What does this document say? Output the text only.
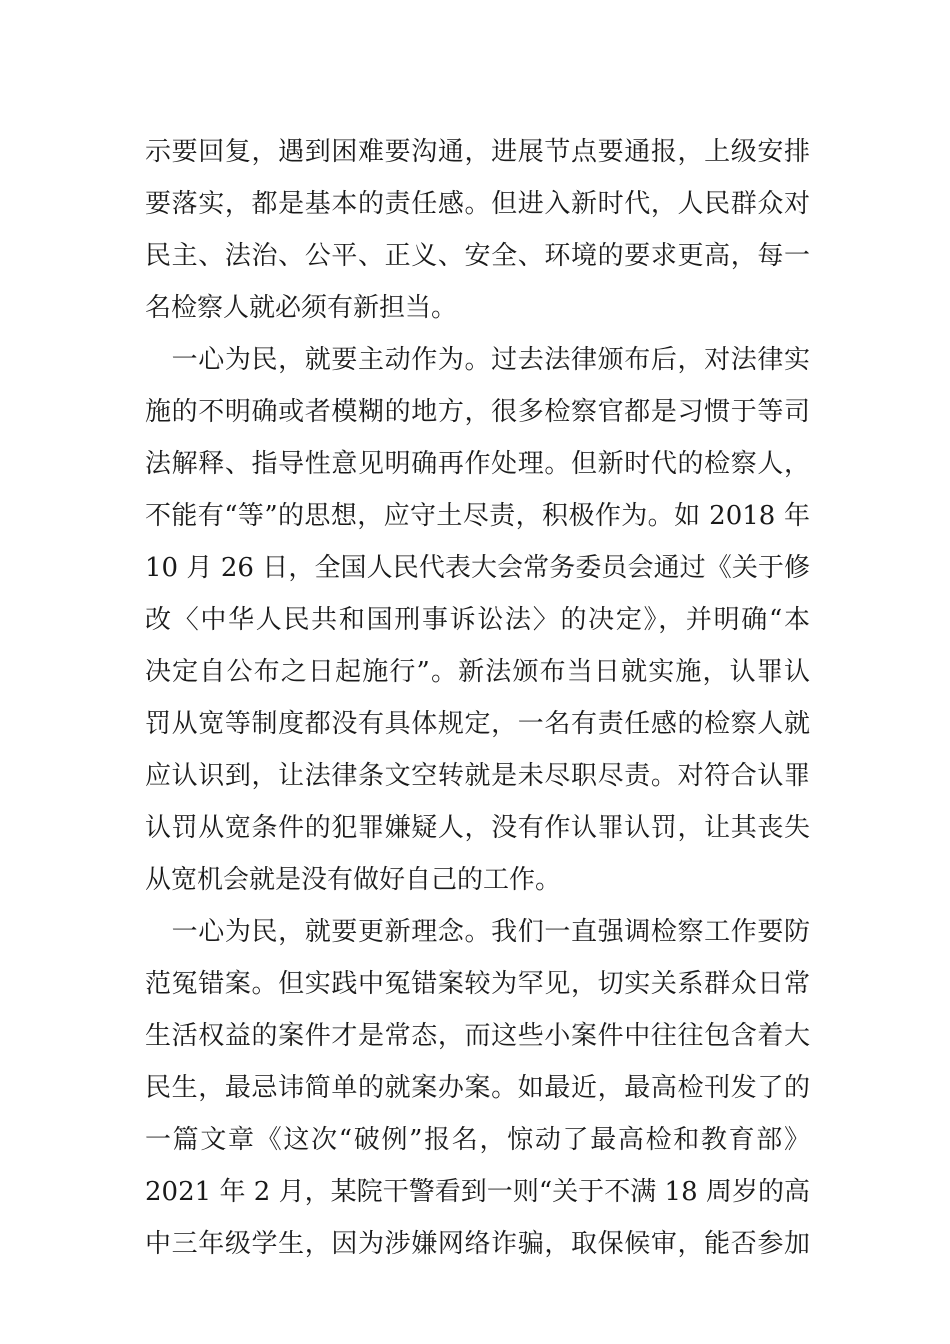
示要回复，遇到困难要沟通，进展节点要通报，上级安排
要落实，都是基本的责任感。但进入新时代，人民群众对
民主、法治、公平、正义、安全、环境的要求更高，每一
名检察人就必须有新担当。
　一心为民，就要主动作为。过去法律颁布后，对法律实
施的不明确或者模糊的地方，很多检察官都是习惯于等司
法解释、指导性意见明确再作处理。但新时代的检察人，
不能有“等”的思想，应守土尽责，积极作为。如 2018 年
10 月 26 日，全国人民代表大会常务委员会通过《关于修
改〈中华人民共和国刑事诉讼法〉的决定》，并明确“本
决定自公布之日起施行”。新法颁布当日就实施，认罪认
罚从宽等制度都没有具体规定，一名有责任感的检察人就
应认识到，让法律条文空转就是未尽职尽责。对符合认罪
认罚从宽条件的犯罪嫌疑人，没有作认罪认罚，让其丧失
从宽机会就是没有做好自己的工作。
　一心为民，就要更新理念。我们一直强调检察工作要防
范冤错案。但实践中冤错案较为罕见，切实关系群众日常
生活权益的案件才是常态，而这些小案件中往往包含着大
民生，最忌讳简单的就案办案。如最近，最高检刊发了的
一篇文章《这次“破例”报名，惊动了最高检和教育部》
2021 年 2 月，某院干警看到一则“关于不满 18 周岁的高
中三年级学生，因为涉嫌网络诈骗，取保候审，能否参加
